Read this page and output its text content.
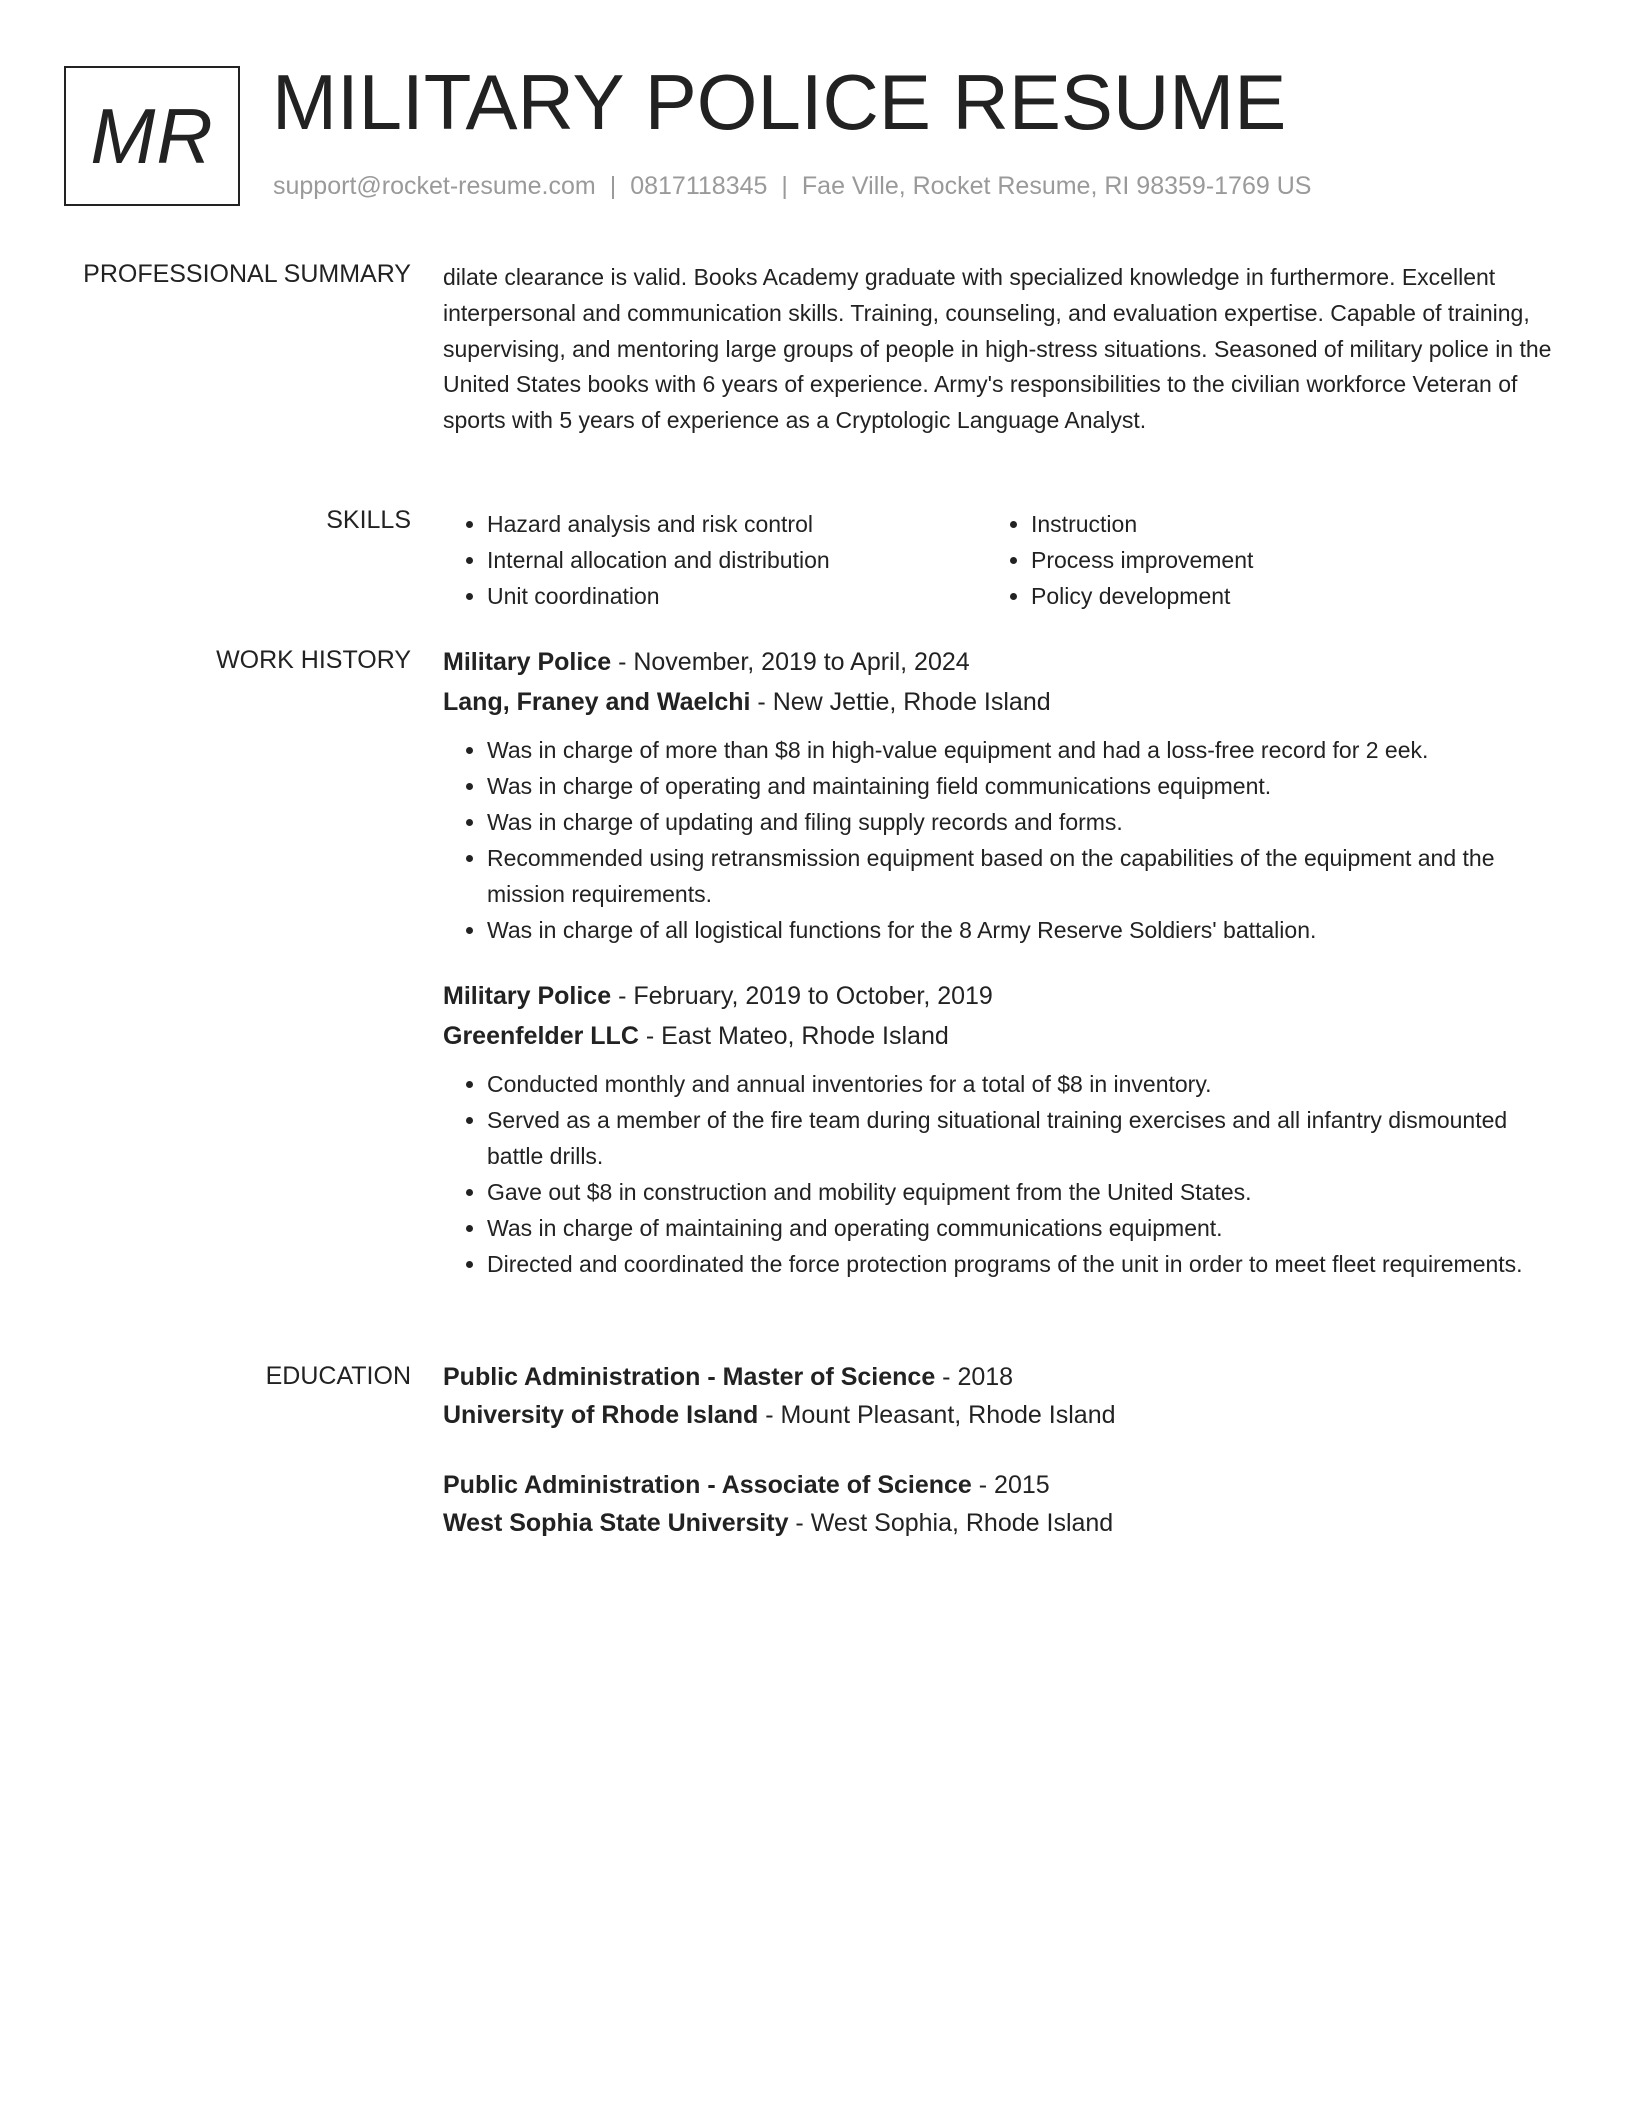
MR MILITARY POLICE RESUME
support@rocket-resume.com | 0817118345 | Fae Ville, Rocket Resume, RI 98359-1769 US
PROFESSIONAL SUMMARY dilate clearance is valid. Books Academy graduate with specialized knowledge in furthermore. Excellent interpersonal and communication skills. Training, counseling, and evaluation expertise. Capable of training, supervising, and mentoring large groups of people in high-stress situations. Seasoned of military police in the United States books with 6 years of experience. Army's responsibilities to the civilian workforce Veteran of sports with 5 years of experience as a Cryptologic Language Analyst.

SKILLS
•	Hazard analysis and risk control
• Internal allocation and distribution
• Unit coordination
• Instruction
• Process improvement
• Policy development
WORK HISTORY Military Police - November, 2019 to April, 2024
Lang, Franey and Waelchi - New Jettie, Rhode Island
• Was in charge of more than $8 in high-value equipment and had a loss-free record for 2 eek.
• Was in charge of operating and maintaining field communications equipment.
• Was in charge of updating and filing supply records and forms.
• Recommended using retransmission equipment based on the capabilities of the equipment and the mission requirements.
• Was in charge of all logistical functions for the 8 Army Reserve Soldiers' battalion.
Military Police - February, 2019 to October, 2019
Greenfelder LLC - East Mateo, Rhode Island
• Conducted monthly and annual inventories for a total of $8 in inventory.
• Served as a member of the fire team during situational training exercises and all infantry dismounted battle drills.
• Gave out $8 in construction and mobility equipment from the United States.
• Was in charge of maintaining and operating communications equipment.
• Directed and coordinated the force protection programs of the unit in order to meet fleet requirements.
EDUCATION Public Administration - Master of Science - 2018
University of Rhode Island - Mount Pleasant, Rhode Island
Public Administration - Associate of Science - 2015
West Sophia State University - West Sophia, Rhode Island
